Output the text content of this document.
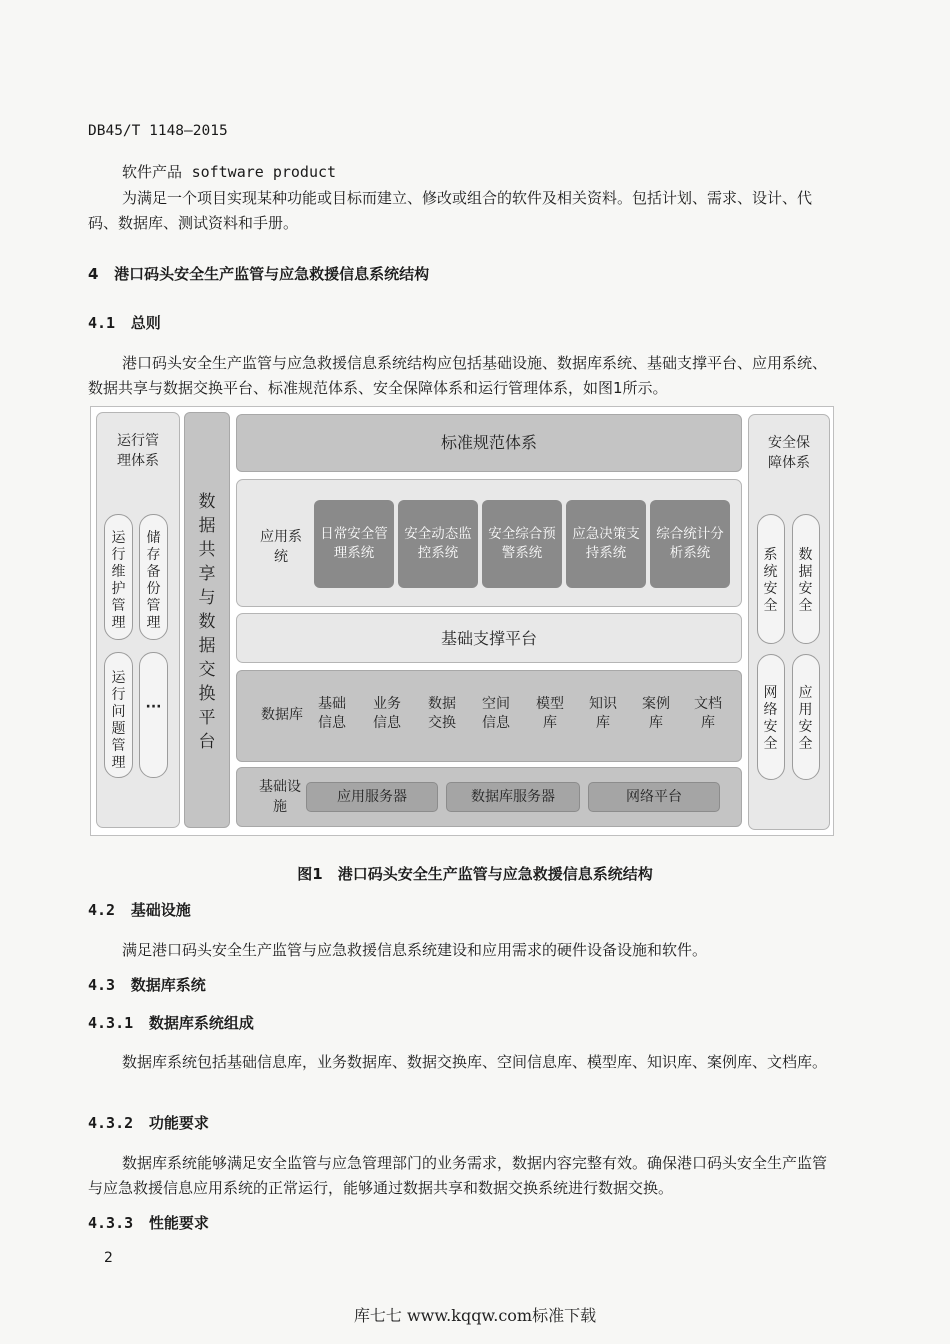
DB45/T 1148—2015
软件产品 software product
为满足一个项目实现某种功能或目标而建立、修改或组合的软件及相关资料。包括计划、需求、设计、代码、数据库、测试资料和手册。
4 港口码头安全生产监管与应急救援信息系统结构
4.1 总则
港口码头安全生产监管与应急救援信息系统结构应包括基础设施、数据库系统、基础支撑平台、应用系统、数据共享与数据交换平台、标准规范体系、安全保障体系和运行管理体系，如图1所示。
运行管理体系
运行维护管理
储存备份管理
运行问题管理
···
数据共享与数据交换平台
标准规范体系
应用系统
日常安全管理系统
安全动态监控系统
安全综合预警系统
应急决策支持系统
综合统计分析系统
基础支撑平台
数据库
基础信息
业务信息
数据交换
空间信息
模型库
知识库
案例库
文档库
基础设施
应用服务器	数据库服务器	网络平台
安全保障体系
系统安全
数据安全
网络安全
应用安全
图1　港口码头安全生产监管与应急救援信息系统结构
4.2 基础设施
满足港口码头安全生产监管与应急救援信息系统建设和应用需求的硬件设备设施和软件。
4.3 数据库系统
4.3.1 数据库系统组成
数据库系统包括基础信息库，业务数据库、数据交换库、空间信息库、模型库、知识库、案例库、文档库。
4.3.2 功能要求
数据库系统能够满足安全监管与应急管理部门的业务需求，数据内容完整有效。确保港口码头安全生产监管与应急救援信息应用系统的正常运行，能够通过数据共享和数据交换系统进行数据交换。
4.3.3 性能要求
2
库七七 www.kqqw.com标准下载
